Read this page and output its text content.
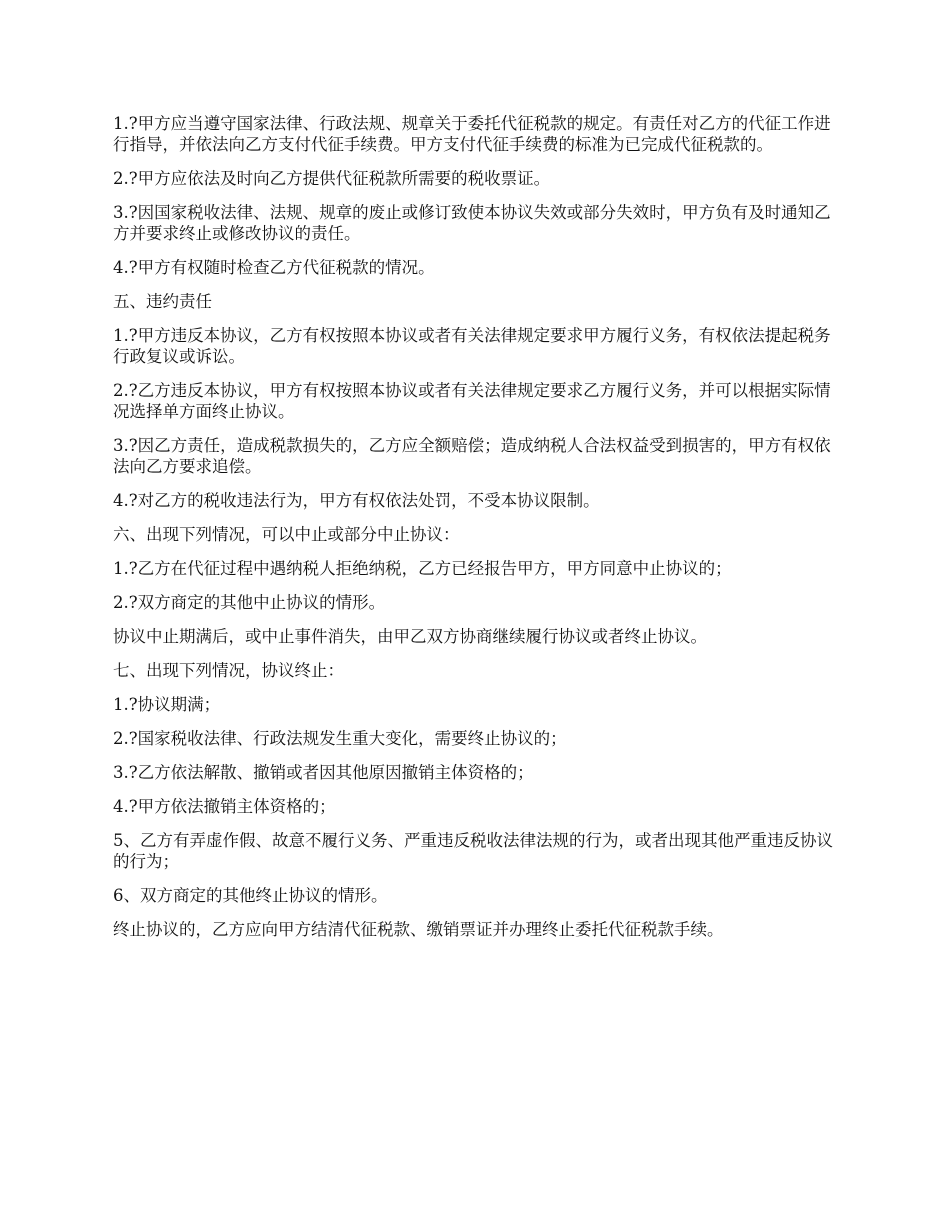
1.?甲方应当遵守国家法律、行政法规、规章关于委托代征税款的规定。有责任对乙方的代征工作进行指导，并依法向乙方支付代征手续费。甲方支付代征手续费的标准为已完成代征税款的。

2.?甲方应依法及时向乙方提供代征税款所需要的税收票证。

3.?因国家税收法律、法规、规章的废止或修订致使本协议失效或部分失效时，甲方负有及时通知乙方并要求终止或修改协议的责任。

4.?甲方有权随时检查乙方代征税款的情况。

五、违约责任

1.?甲方违反本协议，乙方有权按照本协议或者有关法律规定要求甲方履行义务，有权依法提起税务行政复议或诉讼。

2.?乙方违反本协议，甲方有权按照本协议或者有关法律规定要求乙方履行义务，并可以根据实际情况选择单方面终止协议。

3.?因乙方责任，造成税款损失的，乙方应全额赔偿；造成纳税人合法权益受到损害的，甲方有权依法向乙方要求追偿。

4.?对乙方的税收违法行为，甲方有权依法处罚，不受本协议限制。

六、出现下列情况，可以中止或部分中止协议：

1.?乙方在代征过程中遇纳税人拒绝纳税，乙方已经报告甲方，甲方同意中止协议的；

2.?双方商定的其他中止协议的情形。

协议中止期满后，或中止事件消失，由甲乙双方协商继续履行协议或者终止协议。

七、出现下列情况，协议终止：

1.?协议期满；

2.?国家税收法律、行政法规发生重大变化，需要终止协议的；

3.?乙方依法解散、撤销或者因其他原因撤销主体资格的；

4.?甲方依法撤销主体资格的；

5、乙方有弄虚作假、故意不履行义务、严重违反税收法律法规的行为，或者出现其他严重违反协议的行为；

6、双方商定的其他终止协议的情形。

终止协议的，乙方应向甲方结清代征税款、缴销票证并办理终止委托代征税款手续。
